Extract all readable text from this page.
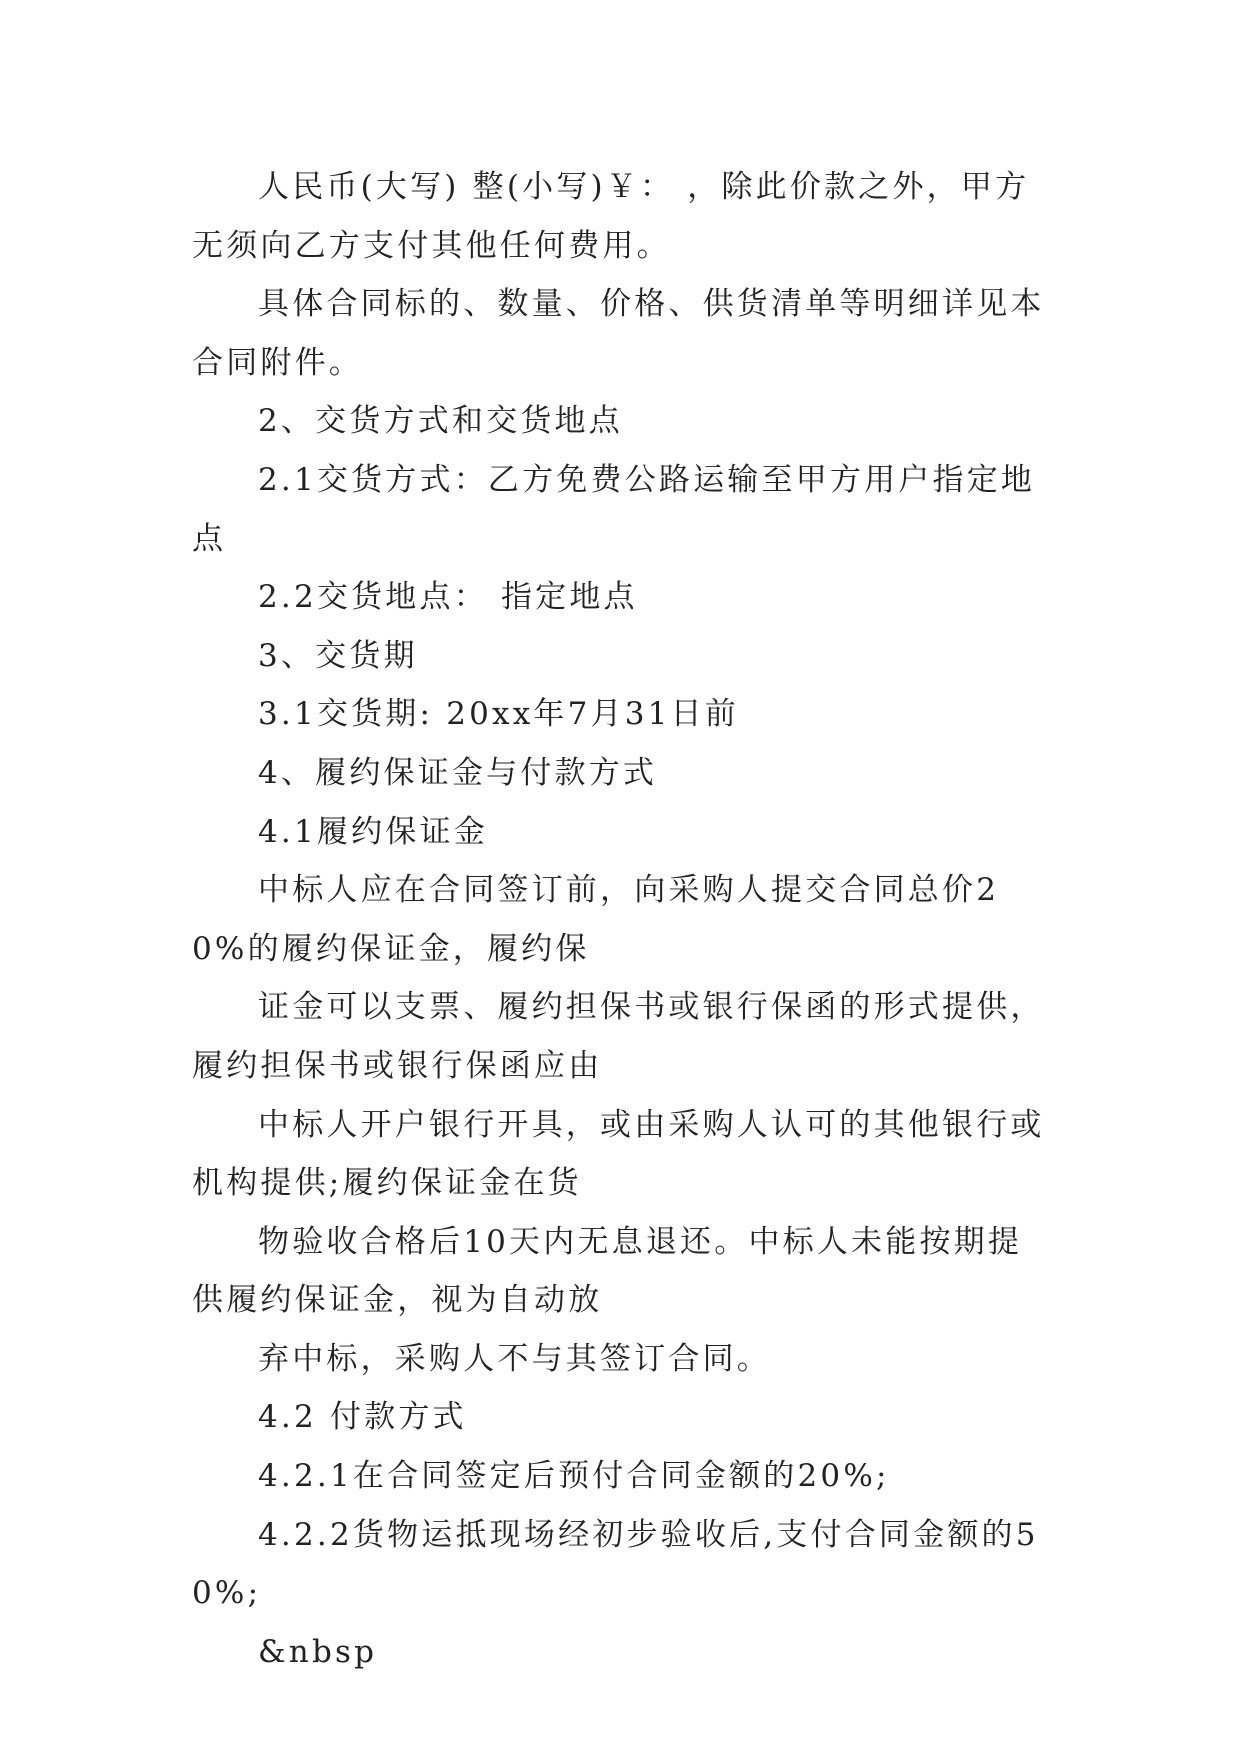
人民币(大写) 整(小写)￥： ，除此价款之外，甲方无须向乙方支付其他任何费用。

具体合同标的、数量、价格、供货清单等明细详见本合同附件。

2、交货方式和交货地点

2.1交货方式：乙方免费公路运输至甲方用户指定地点

2.2交货地点： 指定地点

3、交货期

3.1交货期: 20xx年7月31日前

4、履约保证金与付款方式

4.1履约保证金

中标人应在合同签订前，向采购人提交合同总价20%的履约保证金，履约保

证金可以支票、履约担保书或银行保函的形式提供，履约担保书或银行保函应由

中标人开户银行开具，或由采购人认可的其他银行或机构提供;履约保证金在货

物验收合格后10天内无息退还。中标人未能按期提供履约保证金，视为自动放

弃中标，采购人不与其签订合同。

4.2 付款方式

4.2.1在合同签定后预付合同金额的20%;

4.2.2货物运抵现场经初步验收后,支付合同金额的50%;

&nbsp
